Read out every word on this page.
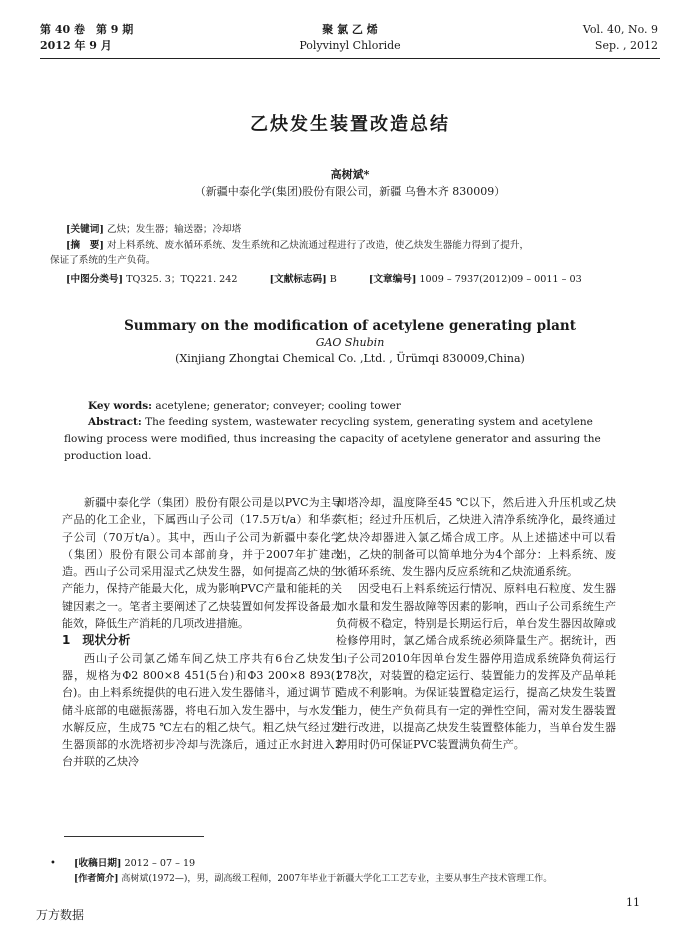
第 40 卷　第 9 期
2012 年 9 月
聚 氯 乙 烯
Polyvinyl Chloride
Vol. 40, No. 9
Sep. , 2012
乙炔发生装置改造总结
高树斌*
（新疆中泰化学(集团)股份有限公司，新疆 乌鲁木齐 830009）
[关键词] 乙炔；发生器；输送器；冷却塔
[摘　要] 对上料系统、废水循环系统、发生系统和乙炔流通过程进行了改造，使乙炔发生器能力得到了提升，
保证了系统的生产负荷。
[中图分类号] TQ325. 3；TQ221. 242	[文献标志码] B	[文章编号] 1009 – 7937(2012)09 – 0011 – 03
Summary on the modification of acetylene generating plant
GAO Shubin
(Xinjiang Zhongtai Chemical Co. ,Ltd. , Ürümqi 830009,China)
Key words: acetylene; generator; conveyer; cooling tower
Abstract: The feeding system, wastewater recycling system, generating system and acetylene
flowing process were modified, thus increasing the capacity of acetylene generator and assuring the
production load.

新疆中泰化学（集团）股份有限公司是以PVC为主导产品的化工企业，下属西山子公司（17.5万t/a）和华泰子公司（70万t/a）。其中，西山子公司为新疆中泰化学（集团）股份有限公司本部前身，并于2007年扩建改造。西山子公司采用湿式乙炔发生器，如何提高乙炔的生产能力，保持产能最大化，成为影响PVC产量和能耗的关键因素之一。笔者主要阐述了乙炔装置如何发挥设备最大能效，降低生产消耗的几项改进措施。

1　现状分析

西山子公司氯乙烯车间乙炔工序共有6台乙炔发生器，规格为Φ2 800×8 451(5台)和Φ3 200×8 893(1台)。由上料系统提供的电石进入发生器储斗，通过调节下储斗底部的电磁振荡器，将电石加入发生器中，与水发生水解反应，生成75 ℃左右的粗乙炔气。粗乙炔气经过发生器顶部的水洗塔初步冷却与洗涤后，通过正水封进入2台并联的乙炔冷

却塔冷却，温度降至45 ℃以下，然后进入升压机或乙炔气柜；经过升压机后，乙炔进入清净系统净化，最终通过乙炔冷却器进入氯乙烯合成工序。从上述描述中可以看出，乙炔的制备可以简单地分为4个部分：上料系统、废水循环系统、发生器内反应系统和乙炔流通系统。

因受电石上料系统运行情况、原料电石粒度、发生器加水量和发生器故障等因素的影响，西山子公司系统生产负荷极不稳定，特别是长期运行后，单台发生器因故障或检修停用时，氯乙烯合成系统必须降量生产。据统计，西山子公司2010年因单台发生器停用造成系统降负荷运行278次，对装置的稳定运行、装置能力的发挥及产品单耗造成不利影响。为保证装置稳定运行，提高乙炔发生装置能力，使生产负荷具有一定的弹性空间，需对发生器装置进行改进，以提高乙炔发生装置整体能力，当单台发生器停用时仍可保证PVC装置满负荷生产。

• [收稿日期] 2012 – 07 – 19
[作者简介] 高树斌(1972—)，男，副高级工程师，2007年毕业于新疆大学化工工艺专业，主要从事生产技术管理工作。
11
万方数据
